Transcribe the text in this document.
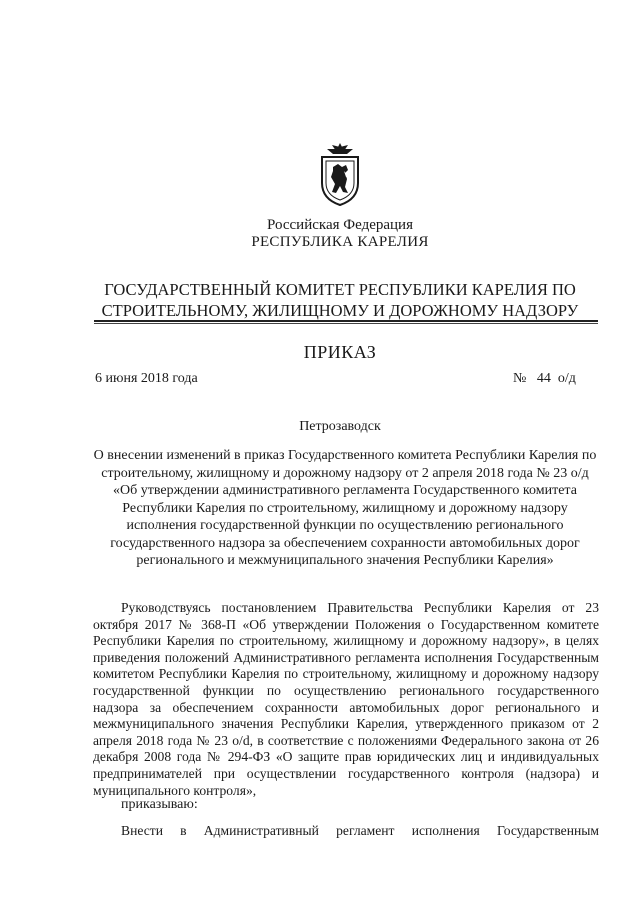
Российская Федерация
РЕСПУБЛИКА КАРЕЛИЯ
ГОСУДАРСТВЕННЫЙ КОМИТЕТ РЕСПУБЛИКИ КАРЕЛИЯ ПО СТРОИТЕЛЬНОМУ, ЖИЛИЩНОМУ И ДОРОЖНОМУ НАДЗОРУ
ПРИКАЗ
6 июня 2018 года	№   44  о/д
Петрозаводск
О внесении изменений в приказ Государственного комитета Республики Карелия по строительному, жилищному и дорожному надзору от 2 апреля 2018 года № 23 о/д «Об утверждении административного регламента Государственного комитета Республики Карелия по строительному, жилищному и дорожному надзору исполнения государственной функции по осуществлению регионального государственного надзора за обеспечением сохранности автомобильных дорог регионального и межмуниципального значения Республики Карелия»
Руководствуясь постановлением Правительства Республики Карелия от 23 октября 2017 № 368-П «Об утверждении Положения о Государственном комитете Республики Карелия по строительному, жилищному и дорожному надзору», в целях приведения положений Административного регламента исполнения Государственным комитетом Республики Карелия по строительному, жилищному и дорожному надзору государственной функции по осуществлению регионального государственного надзора за обеспечением сохранности автомобильных дорог регионального и межмуниципального значения Республики Карелия, утвержденного приказом от 2 апреля 2018 года № 23 о/d, в соответствие с положениями Федерального закона от 26 декабря 2008 года № 294-ФЗ «О защите прав юридических лиц и индивидуальных предпринимателей при осуществлении государственного контроля (надзора) и муниципального контроля»,
приказываю:
Внести в Административный регламент исполнения Государственным
